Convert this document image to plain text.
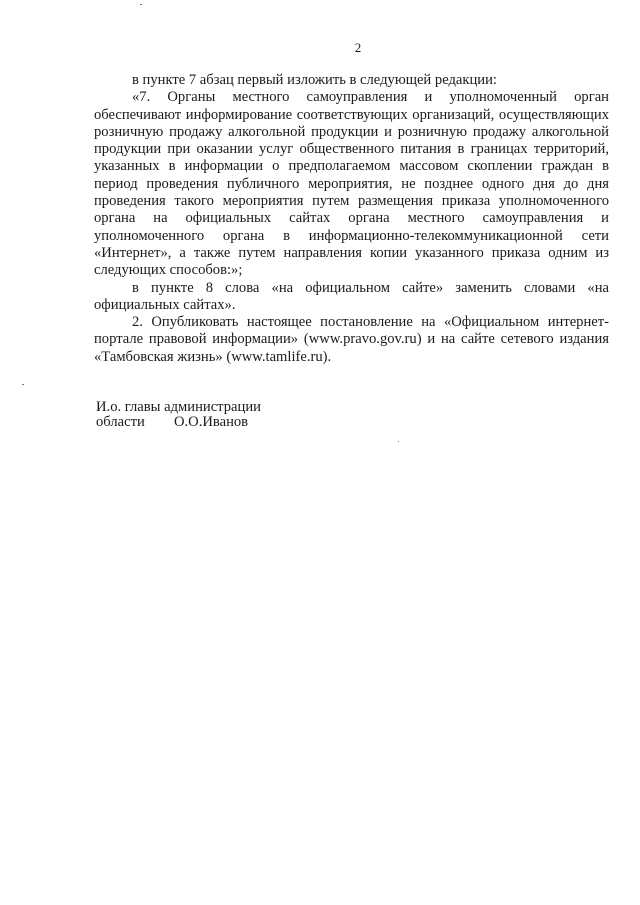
2

в пункте 7 абзац первый изложить в следующей редакции:

«7. Органы местного самоуправления и уполномоченный орган обеспечивают информирование соответствующих организаций, осуществляющих розничную продажу алкогольной продукции и розничную продажу алкогольной продукции при оказании услуг общественного питания в границах территорий, указанных в информации о предполагаемом массовом скоплении граждан в период проведения публичного мероприятия, не позднее одного дня до дня проведения такого мероприятия путем размещения приказа уполномоченного органа на официальных сайтах органа местного самоуправления и уполномоченного органа в информационно-телекоммуникационной сети «Интернет», а также путем направления копии указанного приказа одним из следующих способов:»;

в пункте 8 слова «на официальном сайте» заменить словами «на официальных сайтах».

2. Опубликовать настоящее постановление на «Официальном интернет-портале правовой информации» (www.pravo.gov.ru) и на сайте сетевого издания «Тамбовская жизнь» (www.tamlife.ru).

И.о. главы администрации
области О.О.Иванов
